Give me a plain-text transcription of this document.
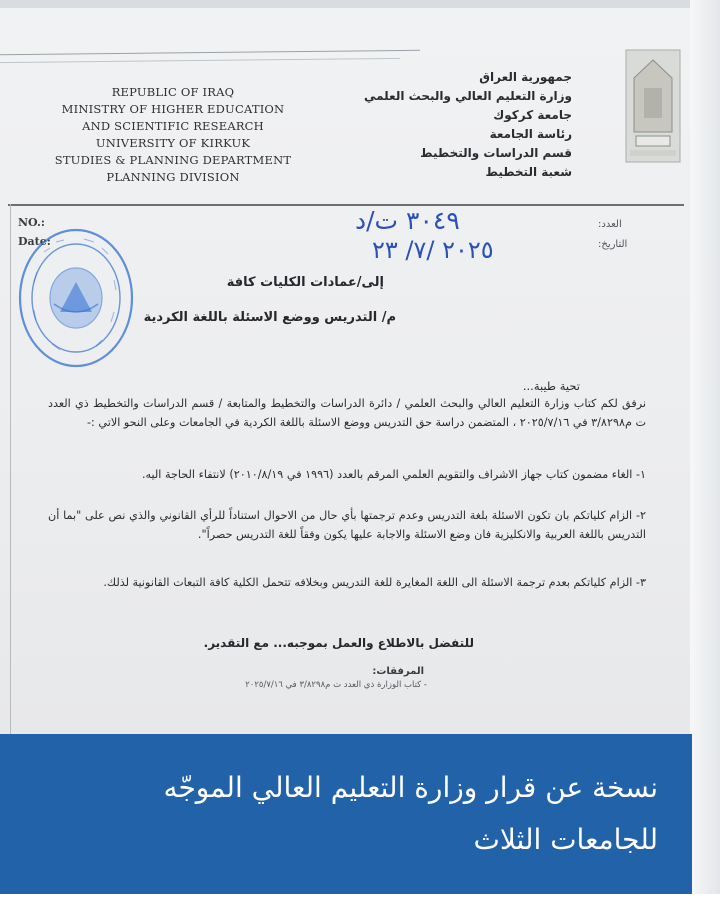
REPUBLIC OF IRAQ
MINISTRY OF HIGHER EDUCATION
AND SCIENTIFIC RESEARCH
UNIVERSITY OF KIRKUK
STUDIES & PLANNING DEPARTMENT
PLANNING DIVISION
جمهورية العراق
وزارة التعليم العالي والبحث العلمي
جامعة كركوك
رئاسة الجامعة
قسم الدراسات والتخطيط
شعبة التخطيط
NO.:
Date:
العدد:
التاريخ:
٣٠٤٩ ت/د
٢٠٢٥ /٧/ ٢٣
إلى/عمادات الكليات كافة
م/ التدريس ووضع الاسئلة باللغة الكردية
تحية طيبة...
نرفق لكم كتاب وزارة التعليم العالي والبحث العلمي / دائرة الدراسات والتخطيط والمتابعة / قسم الدراسات والتخطيط ذي العدد ت م٣/٨٢٩٨ في ٢٠٢٥/٧/١٦ ، المتضمن دراسة حق التدريس ووضع الاسئلة باللغة الكردية في الجامعات وعلى النحو الاتي :-
١- الغاء مضمون كتاب جهاز الاشراف والتقويم العلمي المرقم بالعدد (١٩٩٦ في ٢٠١٠/٨/١٩) لانتفاء الحاجة اليه.
٢- الزام كلياتكم بان تكون الاسئلة بلغة التدريس وعدم ترجمتها بأي حال من الاحوال استناداً للرأي القانوني والذي نص على "بما أن التدريس باللغة العربية والانكليزية فان وضع الاسئلة والاجابة عليها يكون وفقاً للغة التدريس حصراً".
٣- الزام كلياتكم بعدم ترجمة الاسئلة الى اللغة المغايرة للغة التدريس وبخلافه تتحمل الكلية كافة التبعات القانونية لذلك.
للتفضل بالاطلاع والعمل بموجبه... مع التقدير.
المرفقات:
- كتاب الوزارة ذي العدد ت م٣/٨٢٩٨ في ٢٠٢٥/٧/١٦
نسخة عن قرار وزارة التعليم العالي الموجّه للجامعات الثلاث
